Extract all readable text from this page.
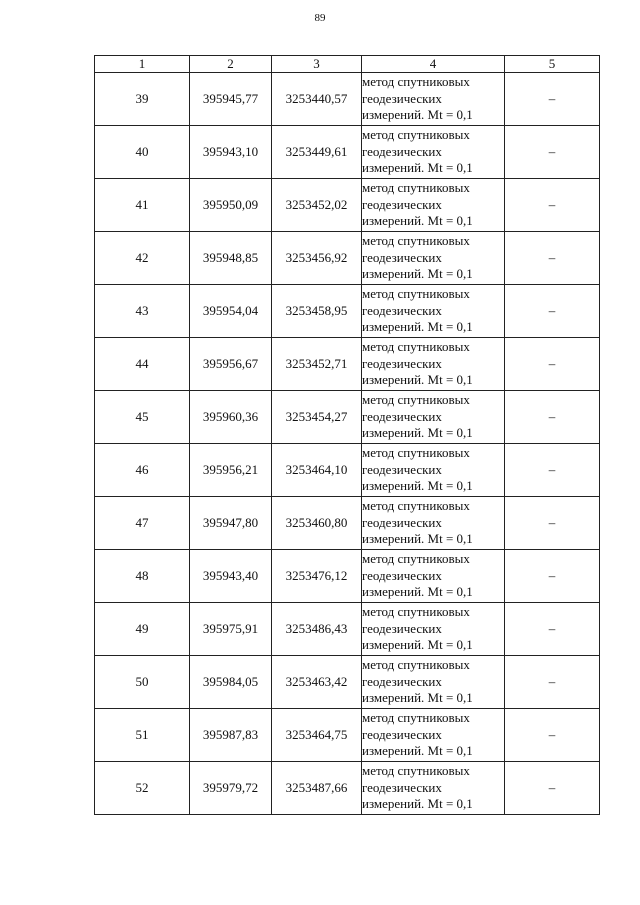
89
1	2	3	4	5
39	395945,77	3253440,57	метод спутниковых
геодезических
измерений. Mt = 0,1	–
40	395943,10	3253449,61	метод спутниковых
геодезических
измерений. Mt = 0,1	–
41	395950,09	3253452,02	метод спутниковых
геодезических
измерений. Mt = 0,1	–
42	395948,85	3253456,92	метод спутниковых
геодезических
измерений. Mt = 0,1	–
43	395954,04	3253458,95	метод спутниковых
геодезических
измерений. Mt = 0,1	–
44	395956,67	3253452,71	метод спутниковых
геодезических
измерений. Mt = 0,1	–
45	395960,36	3253454,27	метод спутниковых
геодезических
измерений. Mt = 0,1	–
46	395956,21	3253464,10	метод спутниковых
геодезических
измерений. Mt = 0,1	–
47	395947,80	3253460,80	метод спутниковых
геодезических
измерений. Mt = 0,1	–
48	395943,40	3253476,12	метод спутниковых
геодезических
измерений. Mt = 0,1	–
49	395975,91	3253486,43	метод спутниковых
геодезических
измерений. Mt = 0,1	–
50	395984,05	3253463,42	метод спутниковых
геодезических
измерений. Mt = 0,1	–
51	395987,83	3253464,75	метод спутниковых
геодезических
измерений. Mt = 0,1	–
52	395979,72	3253487,66	метод спутниковых
геодезических
измерений. Mt = 0,1	–
